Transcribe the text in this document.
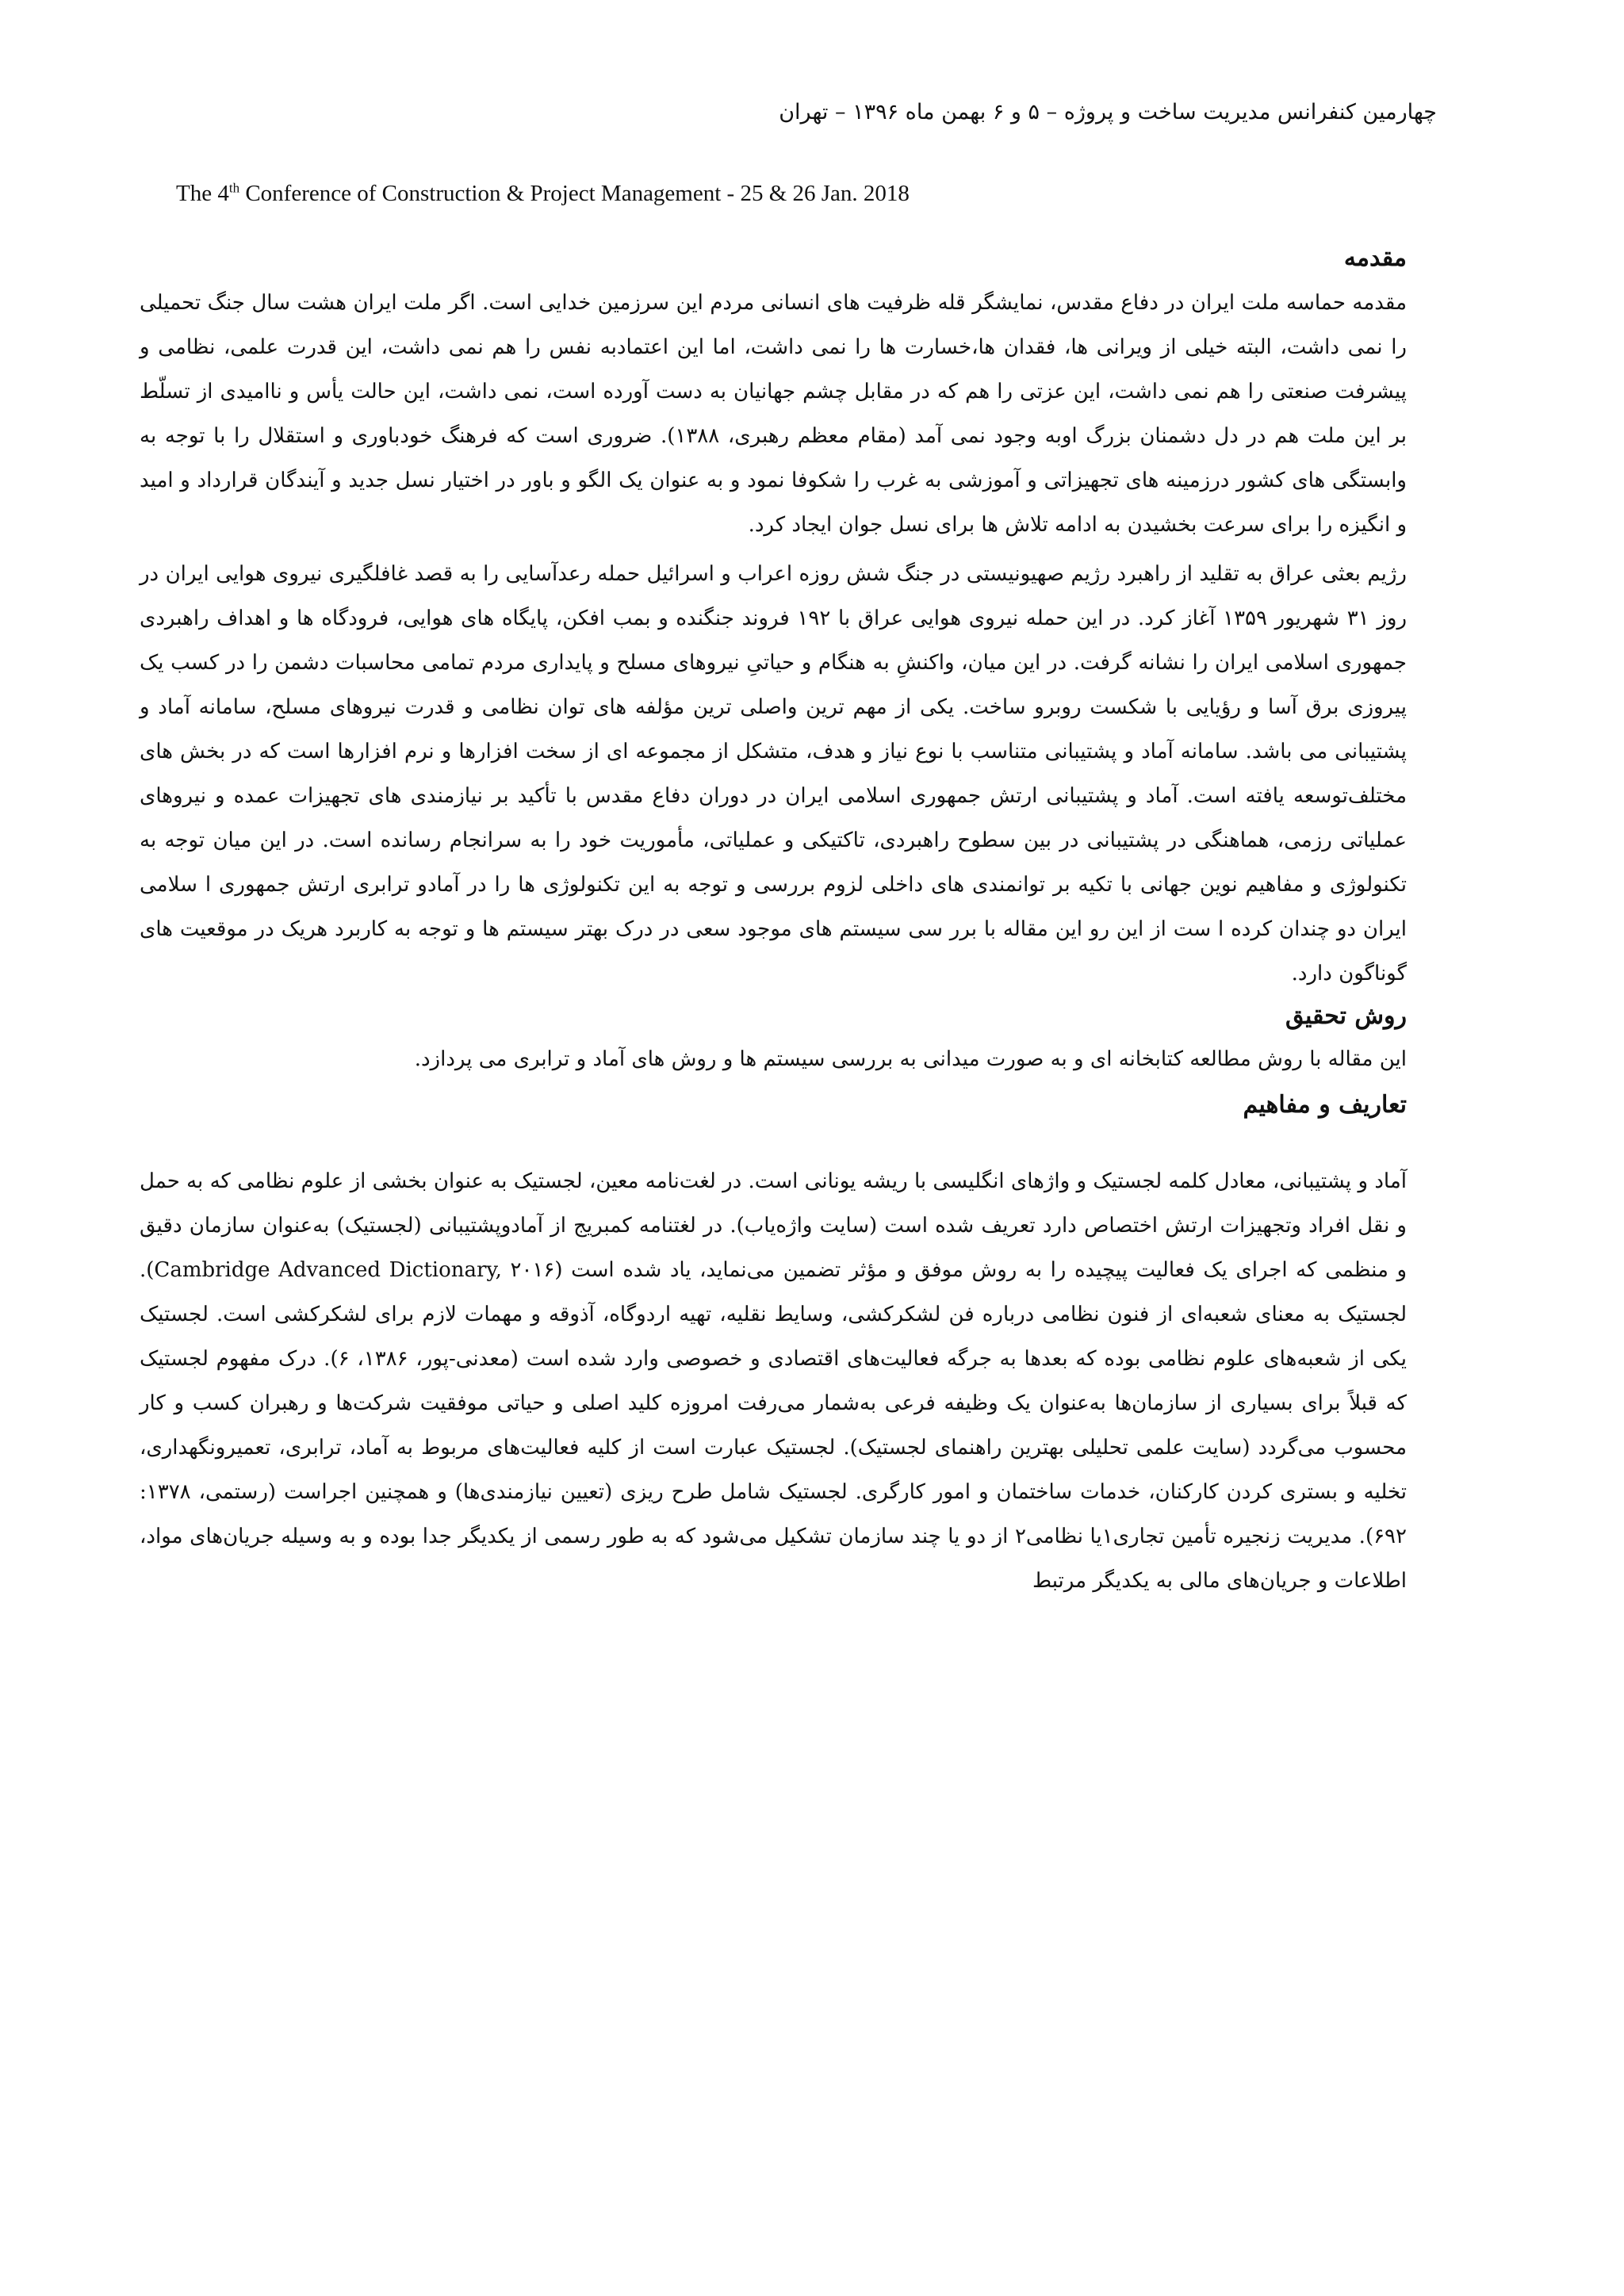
چهارمین کنفرانس مدیریت ساخت و پروژه – ۵ و ۶ بهمن ماه ۱۳۹۶ – تهران
The 4th Conference of Construction & Project Management - 25 & 26 Jan. 2018
مقدمه

مقدمه حماسه ملت ایران در دفاع مقدس، نمایشگر قله ظرفیت های انسانی مردم این سرزمین خدایی است. اگر ملت ایران هشت سال جنگ تحمیلی را نمی داشت، البته خیلی از ویرانی ها، فقدان ها،خسارت ها را نمی داشت، اما این اعتمادبه نفس را هم نمی داشت، این قدرت علمی، نظامی و پیشرفت صنعتی را هم نمی داشت، این عزتی را هم که در مقابل چشم جهانیان به دست آورده است، نمی داشت، این حالت یأس و ناامیدی از تسلّط بر این ملت هم در دل دشمنان بزرگ اوبه وجود نمی آمد (مقام معظم رهبری، ۱۳۸۸). ضروری است که فرهنگ خودباوری و استقلال را با توجه به وابستگی های کشور درزمینه های تجهیزاتی و آموزشی به غرب را شکوفا نمود و به عنوان یک الگو و باور در اختیار نسل جدید و آیندگان قرارداد و امید و انگیزه را برای سرعت بخشیدن به ادامه تلاش ها برای نسل جوان ایجاد کرد.

رژیم بعثی عراق به تقلید از راهبرد رژیم صهیونیستی در جنگ شش روزه اعراب و اسرائیل حمله رعدآسایی را به قصد غافلگیری نیروی هوایی ایران در روز ۳۱ شهریور ۱۳۵۹ آغاز کرد. در این حمله نیروی هوایی عراق با ۱۹۲ فروند جنگنده و بمب افکن، پایگاه های هوایی، فرودگاه ها و اهداف راهبردی جمهوری اسلامی ایران را نشانه گرفت. در این میان، واکنشِ به هنگام و حیاتیِ نیروهای مسلح و پایداری مردم تمامی محاسبات دشمن را در کسب یک پیروزی برق آسا و رؤیایی با شکست روبرو ساخت. یکی از مهم ترین واصلی ترین مؤلفه های توان نظامی و قدرت نیروهای مسلح، سامانه آماد و پشتیبانی می باشد. سامانه آماد و پشتیبانی متناسب با نوع نیاز و هدف، متشکل از مجموعه ای از سخت افزارها و نرم افزارها است که در بخش های مختلف‌توسعه یافته است. آماد و پشتیبانی ارتش جمهوری اسلامی ایران در دوران دفاع مقدس با تأکید بر نیازمندی های تجهیزات عمده و نیروهای عملیاتی رزمی، هماهنگی در پشتیبانی در بین سطوح راهبردی، تاکتیکی و عملیاتی، مأموریت خود را به سرانجام رسانده است. در این میان توجه به تکنولوژی و مفاهیم نوین جهانی با تکیه بر توانمندی های داخلی لزوم بررسی و توجه به این تکنولوژی ها را در آمادو ترابری ارتش جمهوری ا سلامی ایران دو چندان کرده ا ست از این رو این مقاله با برر سی سیستم های موجود سعی در درک بهتر سیستم ها و توجه به کاربرد هریک در موقعیت های گوناگون دارد.

روش تحقیق

این مقاله با روش مطالعه کتابخانه ای و به صورت میدانی به بررسی سیستم ها و روش های آماد و ترابری می پردازد.

تعاریف و مفاهیم

آماد و پشتیبانی، معادل کلمه لجستیک و واژهای انگلیسی با ریشه یونانی است. در لغت‌نامه معین، لجستیک به عنوان بخشی از علوم نظامی که به حمل و نقل افراد وتجهیزات ارتش اختصاص دارد تعریف شده است (سایت واژه‌یاب). در لغتنامه کمبریج از آمادوپشتیبانی (لجستیک) به‌عنوان سازمان دقیق و منظمی که اجرای یک فعالیت پیچیده را به روش موفق و مؤثر تضمین می‌نماید، یاد شده است (Cambridge Advanced Dictionary, ۲۰۱۶). لجستیک به معنای شعبه‌ای از فنون نظامی درباره فن لشکرکشی، وسایط نقلیه، تهیه اردوگاه، آذوقه و مهمات لازم برای لشکرکشی است. لجستیک یکی از شعبه‌های علوم نظامی بوده که بعدها به جرگه فعالیت‌های اقتصادی و خصوصی وارد شده است (معدنی-پور، ۱۳۸۶، ۶). درک مفهوم لجستیک که قبلاً برای بسیاری از سازمان‌ها به‌عنوان یک وظیفه فرعی به‌شمار می‌رفت امروزه کلید اصلی و حیاتی موفقیت شرکت‌ها و رهبران کسب و کار محسوب می‌گردد (سایت علمی تحلیلی بهترین راهنمای لجستیک). لجستیک عبارت است از کلیه فعالیت‌های مربوط به آماد، ترابری، تعمیرونگهداری، تخلیه و بستری کردن کارکنان، خدمات ساختمان و امور کارگری. لجستیک شامل طرح ریزی (تعیین نیازمندی‌ها) و همچنین اجراست (رستمی، ۱۳۷۸: ۶۹۲). مدیریت زنجیره تأمین تجاری۱یا نظامی۲ از دو یا چند سازمان تشکیل می‌شود که به طور رسمی از یکدیگر جدا بوده و به وسیله جریان‌های مواد، اطلاعات و جریان‌های مالی به یکدیگر مرتبط
